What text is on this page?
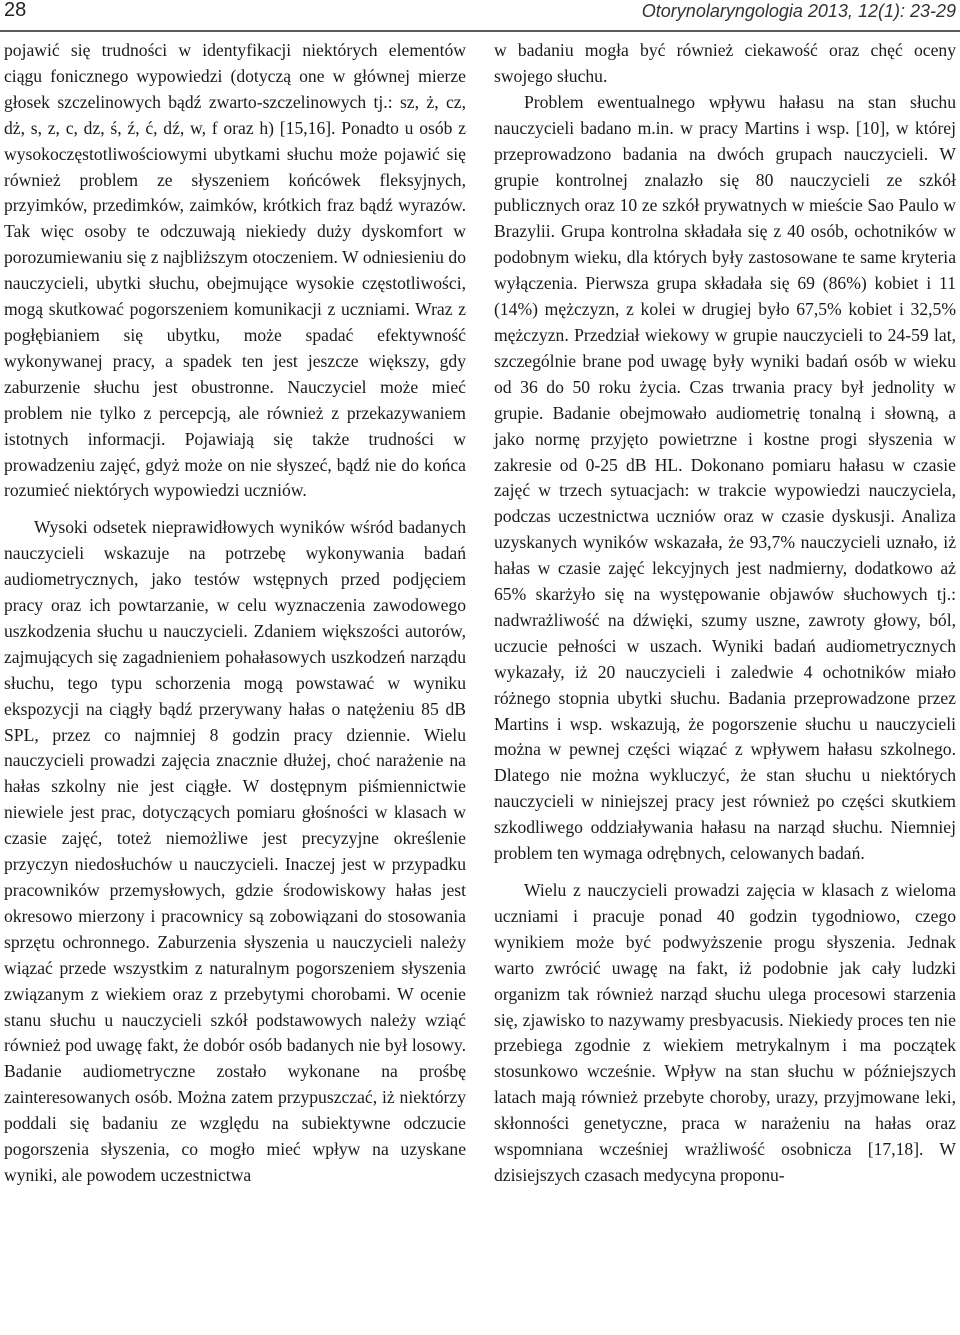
28	Otorynolaryngologia 2013, 12(1): 23-29

pojawić się trudności w identyfikacji niektórych elementów ciągu fonicznego wypowiedzi (dotyczą one w głównej mierze głosek szczelinowych bądź zwarto-szczelinowych tj.: sz, ż, cz, dż, s, z, c, dz, ś, ź, ć, dź, w, f oraz h) [15,16]. Ponadto u osób z wysokoczęstotliwościowymi ubytkami słuchu może pojawić się również problem ze słyszeniem końcówek fleksyjnych, przyimków, przedimków, zaimków, krótkich fraz bądź wyrazów. Tak więc osoby te odczuwają niekiedy duży dyskomfort w porozumiewaniu się z najbliższym otoczeniem. W odniesieniu do nauczycieli, ubytki słuchu, obejmujące wysokie częstotliwości, mogą skutkować pogorszeniem komunikacji z uczniami. Wraz z pogłębianiem się ubytku, może spadać efektywność wykonywanej pracy, a spadek ten jest jeszcze większy, gdy zaburzenie słuchu jest obustronne. Nauczyciel może mieć problem nie tylko z percepcją, ale również z przekazywaniem istotnych informacji. Pojawiają się także trudności w prowadzeniu zajęć, gdyż może on nie słyszeć, bądź nie do końca rozumieć niektórych wypowiedzi uczniów.

Wysoki odsetek nieprawidłowych wyników wśród badanych nauczycieli wskazuje na potrzebę wykonywania badań audiometrycznych, jako testów wstępnych przed podjęciem pracy oraz ich powtarzanie, w celu wyznaczenia zawodowego uszkodzenia słuchu u nauczycieli. Zdaniem większości autorów, zajmujących się zagadnieniem pohałasowych uszkodzeń narządu słuchu, tego typu schorzenia mogą powstawać w wyniku ekspozycji na ciągły bądź przerywany hałas o natężeniu 85 dB SPL, przez co najmniej 8 godzin pracy dziennie. Wielu nauczycieli prowadzi zajęcia znacznie dłużej, choć narażenie na hałas szkolny nie jest ciągłe. W dostępnym piśmiennictwie niewiele jest prac, dotyczących pomiaru głośności w klasach w czasie zajęć, toteż niemożliwe jest precyzyjne określenie przyczyn niedosłuchów u nauczycieli. Inaczej jest w przypadku pracowników przemysłowych, gdzie środowiskowy hałas jest okresowo mierzony i pracownicy są zobowiązani do stosowania sprzętu ochronnego. Zaburzenia słyszenia u nauczycieli należy wiązać przede wszystkim z naturalnym pogorszeniem słyszenia związanym z wiekiem oraz z przebytymi chorobami. W ocenie stanu słuchu u nauczycieli szkół podstawowych należy wziąć również pod uwagę fakt, że dobór osób badanych nie był losowy. Badanie audiometryczne zostało wykonane na prośbę zainteresowanych osób. Można zatem przypuszczać, iż niektórzy poddali się badaniu ze względu na subiektywne odczucie pogorszenia słyszenia, co mogło mieć wpływ na uzyskane wyniki, ale powodem uczestnictwa

w badaniu mogła być również ciekawość oraz chęć oceny swojego słuchu.

Problem ewentualnego wpływu hałasu na stan słuchu nauczycieli badano m.in. w pracy Martins i wsp. [10], w której przeprowadzono badania na dwóch grupach nauczycieli. W grupie kontrolnej znalazło się 80 nauczycieli ze szkół publicznych oraz 10 ze szkół prywatnych w mieście Sao Paulo w Brazylii. Grupa kontrolna składała się z 40 osób, ochotników w podobnym wieku, dla których były zastosowane te same kryteria wyłączenia. Pierwsza grupa składała się 69 (86%) kobiet i 11 (14%) mężczyzn, z kolei w drugiej było 67,5% kobiet i 32,5% mężczyzn. Przedział wiekowy w grupie nauczycieli to 24-59 lat, szczególnie brane pod uwagę były wyniki badań osób w wieku od 36 do 50 roku życia. Czas trwania pracy był jednolity w grupie. Badanie obejmowało audiometrię tonalną i słowną, a jako normę przyjęto powietrzne i kostne progi słyszenia w zakresie od 0-25 dB HL. Dokonano pomiaru hałasu w czasie zajęć w trzech sytuacjach: w trakcie wypowiedzi nauczyciela, podczas uczestnictwa uczniów oraz w czasie dyskusji. Analiza uzyskanych wyników wskazała, że 93,7% nauczycieli uznało, iż hałas w czasie zajęć lekcyjnych jest nadmierny, dodatkowo aż 65% skarżyło się na występowanie objawów słuchowych tj.: nadwrażliwość na dźwięki, szumy uszne, zawroty głowy, ból, uczucie pełności w uszach. Wyniki badań audiometrycznych wykazały, iż 20 nauczycieli i zaledwie 4 ochotników miało różnego stopnia ubytki słuchu. Badania przeprowadzone przez Martins i wsp. wskazują, że pogorszenie słuchu u nauczycieli można w pewnej części wiązać z wpływem hałasu szkolnego. Dlatego nie można wykluczyć, że stan słuchu u niektórych nauczycieli w niniejszej pracy jest również po części skutkiem szkodliwego oddziaływania hałasu na narząd słuchu. Niemniej problem ten wymaga odrębnych, celowanych badań.

Wielu z nauczycieli prowadzi zajęcia w klasach z wieloma uczniami i pracuje ponad 40 godzin tygodniowo, czego wynikiem może być podwyższenie progu słyszenia. Jednak warto zwrócić uwagę na fakt, iż podobnie jak cały ludzki organizm tak również narząd słuchu ulega procesowi starzenia się, zjawisko to nazywamy presbyacusis. Niekiedy proces ten nie przebiega zgodnie z wiekiem metrykalnym i ma początek stosunkowo wcześnie. Wpływ na stan słuchu w późniejszych latach mają również przebyte choroby, urazy, przyjmowane leki, skłonności genetyczne, praca w narażeniu na hałas oraz wspomniana wcześniej wrażliwość osobnicza [17,18]. W dzisiejszych czasach medycyna proponu-
